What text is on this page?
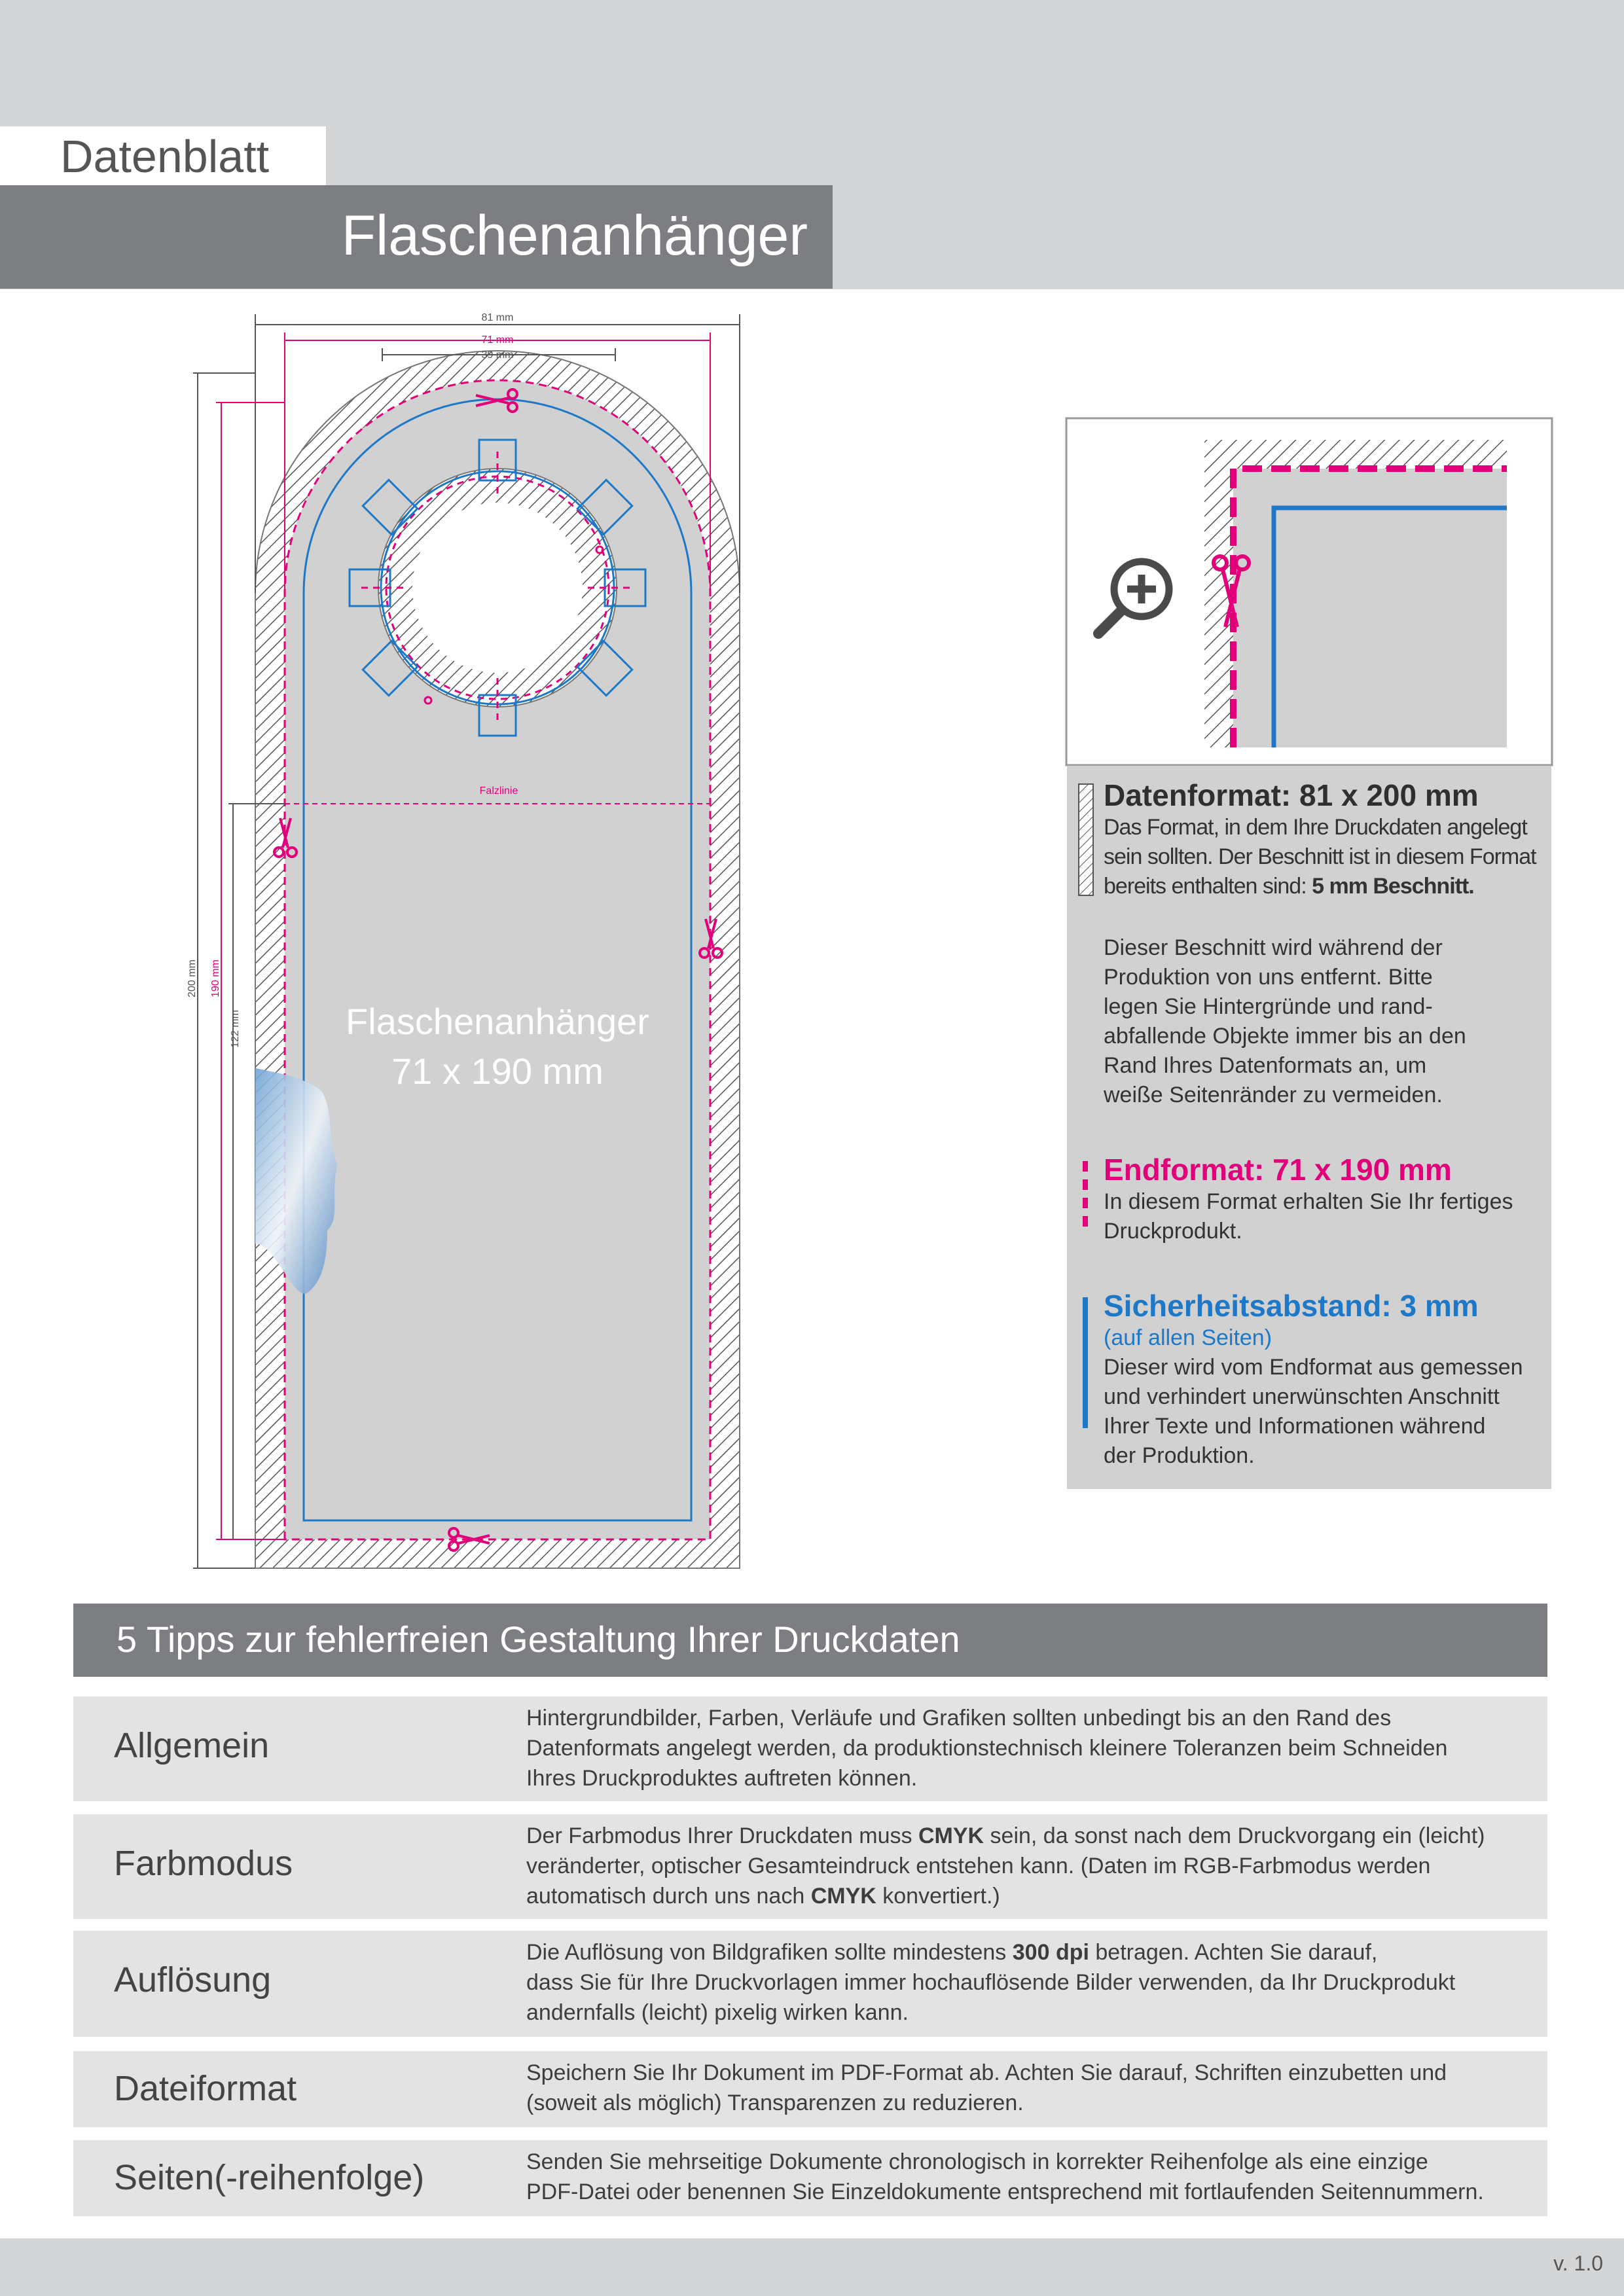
Datenblatt
Flaschenanhänger
Falzlinie
81 mm
71 mm
39 mm
200 mm 190 mm
122 mm	Flaschenanhänger
71 x 190 mm
Datenformat: 81 x 200 mm
Das Format, in dem Ihre Druckdaten angelegt
sein sollten. Der Beschnitt ist in diesem Format
bereits enthalten sind: 5 mm Beschnitt.
Dieser Beschnitt wird während der
Produktion von uns entfernt. Bitte
legen Sie Hintergründe und rand-
abfallende Objekte immer bis an den
Rand Ihres Datenformats an, um
weiße Seitenränder zu vermeiden.
Endformat: 71 x 190 mm
In diesem Format erhalten Sie Ihr fertiges
Druckprodukt.
Sicherheitsabstand: 3 mm
(auf allen Seiten)
Dieser wird vom Endformat aus gemessen
und verhindert unerwünschten Anschnitt
Ihrer Texte und Informationen während
der Produktion.
5 Tipps zur fehlerfreien Gestaltung Ihrer Druckdaten
Allgemein
Hintergrundbilder, Farben, Verläufe und Grafiken sollten unbedingt bis an den Rand des
Datenformats angelegt werden, da produktionstechnisch kleinere Toleranzen beim Schneiden
Ihres Druckproduktes auftreten können.
Farbmodus
Der Farbmodus Ihrer Druckdaten muss CMYK sein, da sonst nach dem Druckvorgang ein (leicht)
veränderter, optischer Gesamteindruck entstehen kann. (Daten im RGB-Farbmodus werden
automatisch durch uns nach CMYK konvertiert.)
Auflösung
Die Auflösung von Bildgrafiken sollte mindestens 300 dpi betragen. Achten Sie darauf,
dass Sie für Ihre Druckvorlagen immer hochauflösende Bilder verwenden, da Ihr Druckprodukt
andernfalls (leicht) pixelig wirken kann.
Dateiformat	Speichern Sie Ihr Dokument im PDF-Format ab. Achten Sie darauf, Schriften einzubetten und
(soweit als möglich) Transparenzen zu reduzieren.
Seiten(-reihenfolge)	Senden Sie mehrseitige Dokumente chronologisch in korrekter Reihenfolge als eine einzige
PDF-Datei oder benennen Sie Einzeldokumente entsprechend mit fortlaufenden Seitennummern.
v. 1.0
